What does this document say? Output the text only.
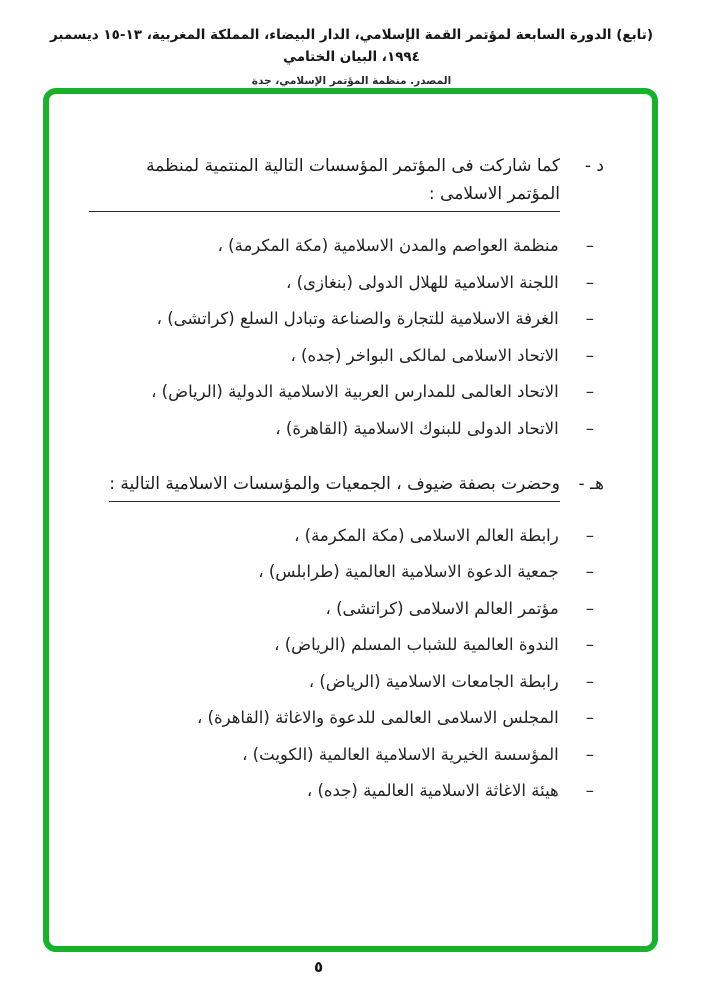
(تابع) الدورة السابعة لمؤتمر القمة الإسلامي، الدار البيضاء، المملكة المغربية، ١٣-١٥ ديسمبر ١٩٩٤، البيان الختامي
المصدر. منظمة المؤتمر الإسلامي، جدة
د -
كما شاركت فى المؤتمر المؤسسات التالية المنتمية لمنظمة المؤتمر الاسلامى :
–
منظمة العواصم والمدن الاسلامية (مكة المكرمة) ،
–
اللجنة الاسلامية للهلال الدولى (بنغازى) ،
–
الغرفة الاسلامية للتجارة والصناعة وتبادل السلع (كراتشى) ،
–
الاتحاد الاسلامى لمالكى البواخر (جده) ،
–
الاتحاد العالمى للمدارس العربية الاسلامية الدولية (الرياض) ،
–
الاتحاد الدولى للبنوك الاسلامية (القاهرة) ،
هـ -
وحضرت بصفة ضيوف ، الجمعيات والمؤسسات الاسلامية التالية :
–
رابطة العالم الاسلامى (مكة المكرمة) ،
–
جمعية الدعوة الاسلامية العالمية (طرابلس) ،
–
مؤتمر العالم الاسلامى (كراتشى) ،
–
الندوة العالمية للشباب المسلم (الرياض) ،
–
رابطة الجامعات الاسلامية (الرياض) ،
–
المجلس الاسلامى العالمى للدعوة والاغاثة (القاهرة) ،
–
المؤسسة الخيرية الاسلامية العالمية (الكويت) ،
–
هيئة الاغاثة الاسلامية العالمية (جده) ،
٥
